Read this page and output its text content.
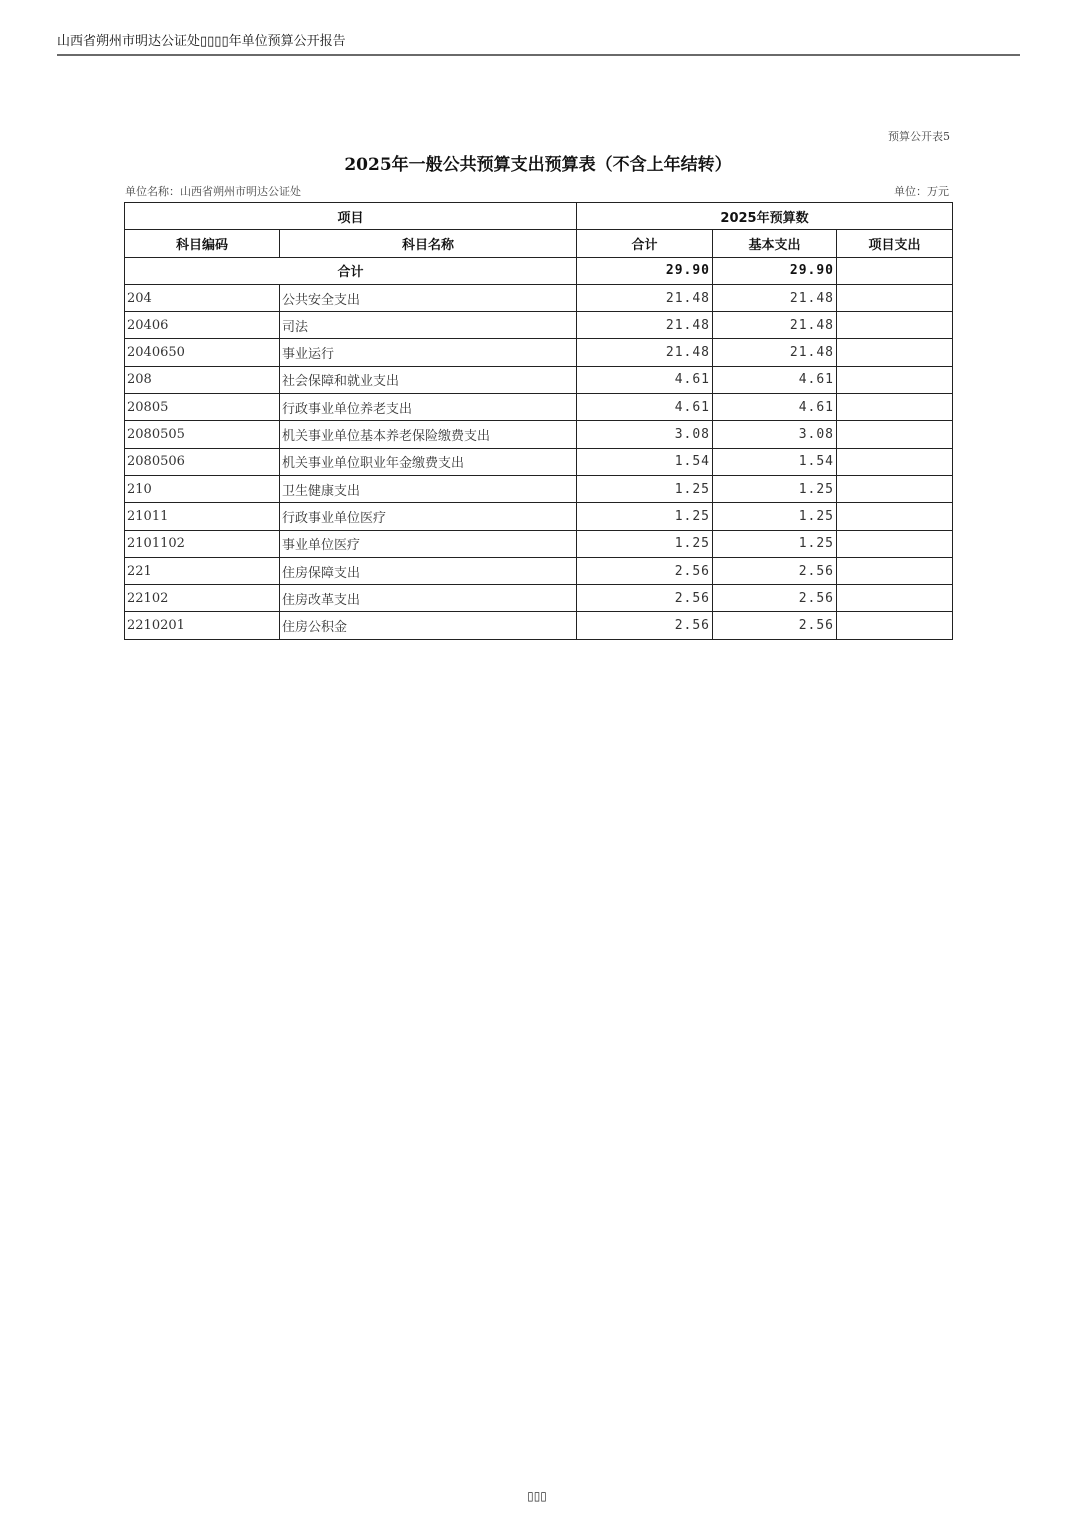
山西省朔州市明达公证处▯▯▯▯年单位预算公开报告
预算公开表5
2025年一般公共预算支出预算表（不含上年结转）
单位名称：山西省朔州市明达公证处	单位：万元
项目		2025年预算数		
科目编码	科目名称	合计	基本支出	项目支出
合计		29.90	29.90	
204	公共安全支出	21.48	21.48	
20406	司法	21.48	21.48	
2040650	事业运行	21.48	21.48	
208	社会保障和就业支出	4.61	4.61	
20805	行政事业单位养老支出	4.61	4.61	
2080505	机关事业单位基本养老保险缴费支出	3.08	3.08	
2080506	机关事业单位职业年金缴费支出	1.54	1.54	
210	卫生健康支出	1.25	1.25	
21011	行政事业单位医疗	1.25	1.25	
2101102	事业单位医疗	1.25	1.25	
221	住房保障支出	2.56	2.56	
22102	住房改革支出	2.56	2.56	
2210201	住房公积金	2.56	2.56	
▯▯▯
